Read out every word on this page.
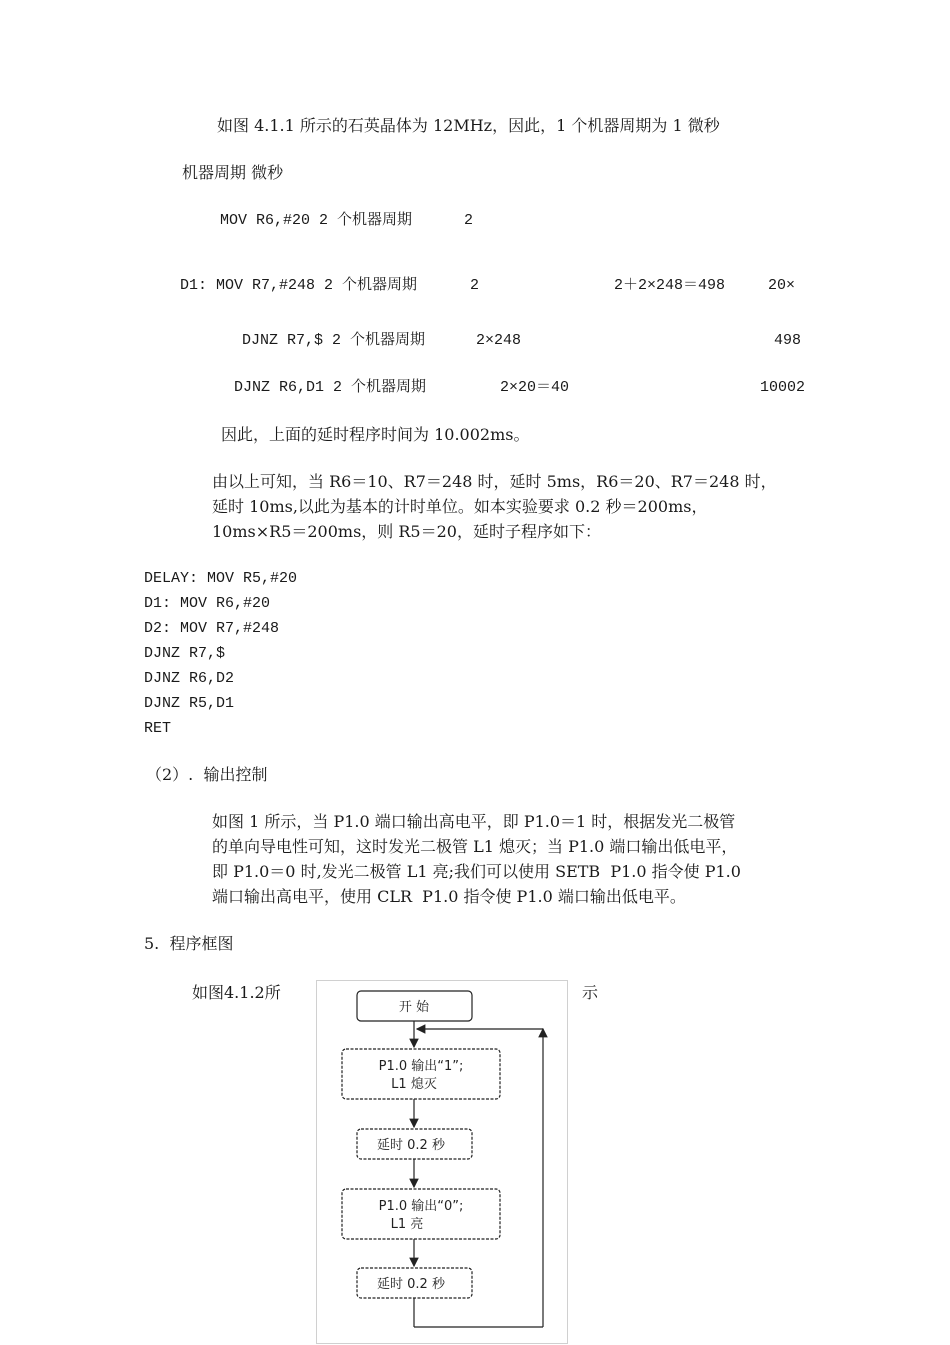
如图 4.1.1 所示的石英晶体为 12MHz，因此，1 个机器周期为 1 微秒
机器周期 微秒
MOV R6,#20 2 个机器周期	2
D1: MOV R7,#248 2 个机器周期	2	2＋2×248＝498	20×
DJNZ R7,$ 2 个机器周期	2×248	498
DJNZ R6,D1 2 个机器周期	2×20＝40	10002
因此，上面的延时程序时间为 10.002ms。
由以上可知，当 R6＝10、R7＝248 时，延时 5ms，R6＝20、R7＝248 时，
延时 10ms,以此为基本的计时单位。如本实验要求 0.2 秒＝200ms，
10ms×R5＝200ms，则 R5＝20，延时子程序如下：
DELAY: MOV R5,#20
D1: MOV R6,#20
D2: MOV R7,#248
DJNZ R7,$
DJNZ R6,D2
DJNZ R5,D1
RET
（2）.  输出控制
如图 1 所示，当 P1.0 端口输出高电平，即 P1.0＝1 时，根据发光二极管
的单向导电性可知，这时发光二极管 L1 熄灭；当 P1.0 端口输出低电平，
即 P1.0＝0 时,发光二极管 L1 亮;我们可以使用 SETB  P1.0 指令使 P1.0
端口输出高电平，使用 CLR  P1.0 指令使 P1.0 端口输出低电平。
5.  程序框图
如图4.1.2所	示
开 始
P1.0 输出“1”;
L1 熄灭
延时 0.2 秒
P1.0 输出“0”;
L1 亮
延时 0.2 秒
